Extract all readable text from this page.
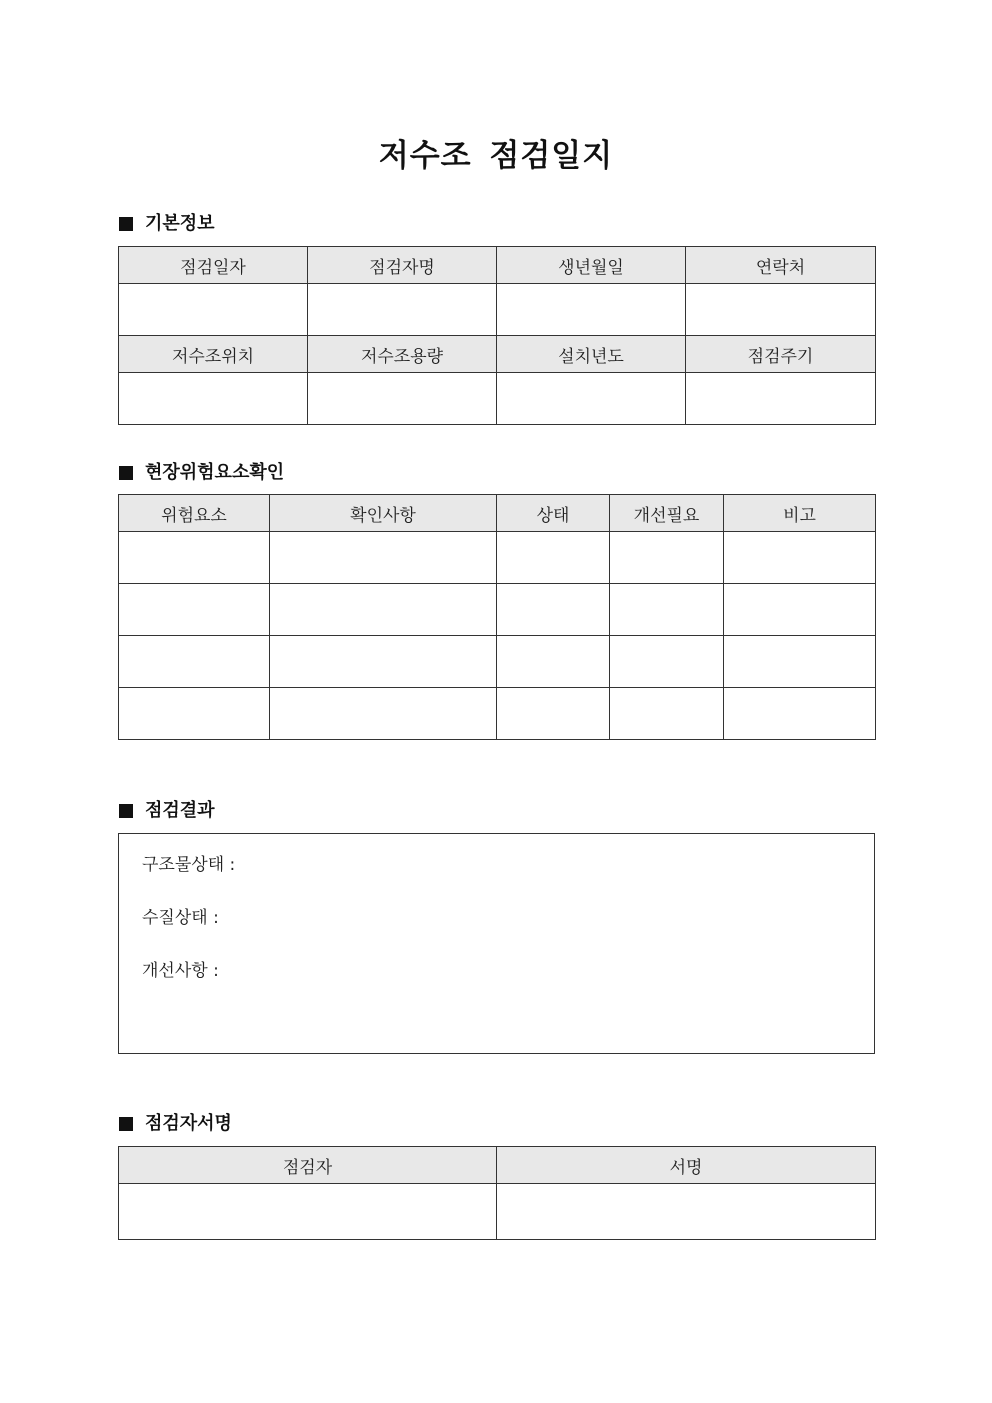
저수조 점검일지
기본정보
점검일자	점검자명	생년월일	연락처

저수조위치	저수조용량	설치년도	점검주기

현장위험요소확인
위험요소	확인사항	상태	개선필요	비고

점검결과
구조물상태 :
수질상태 :
개선사항 :
점검자서명
점검자	서명
